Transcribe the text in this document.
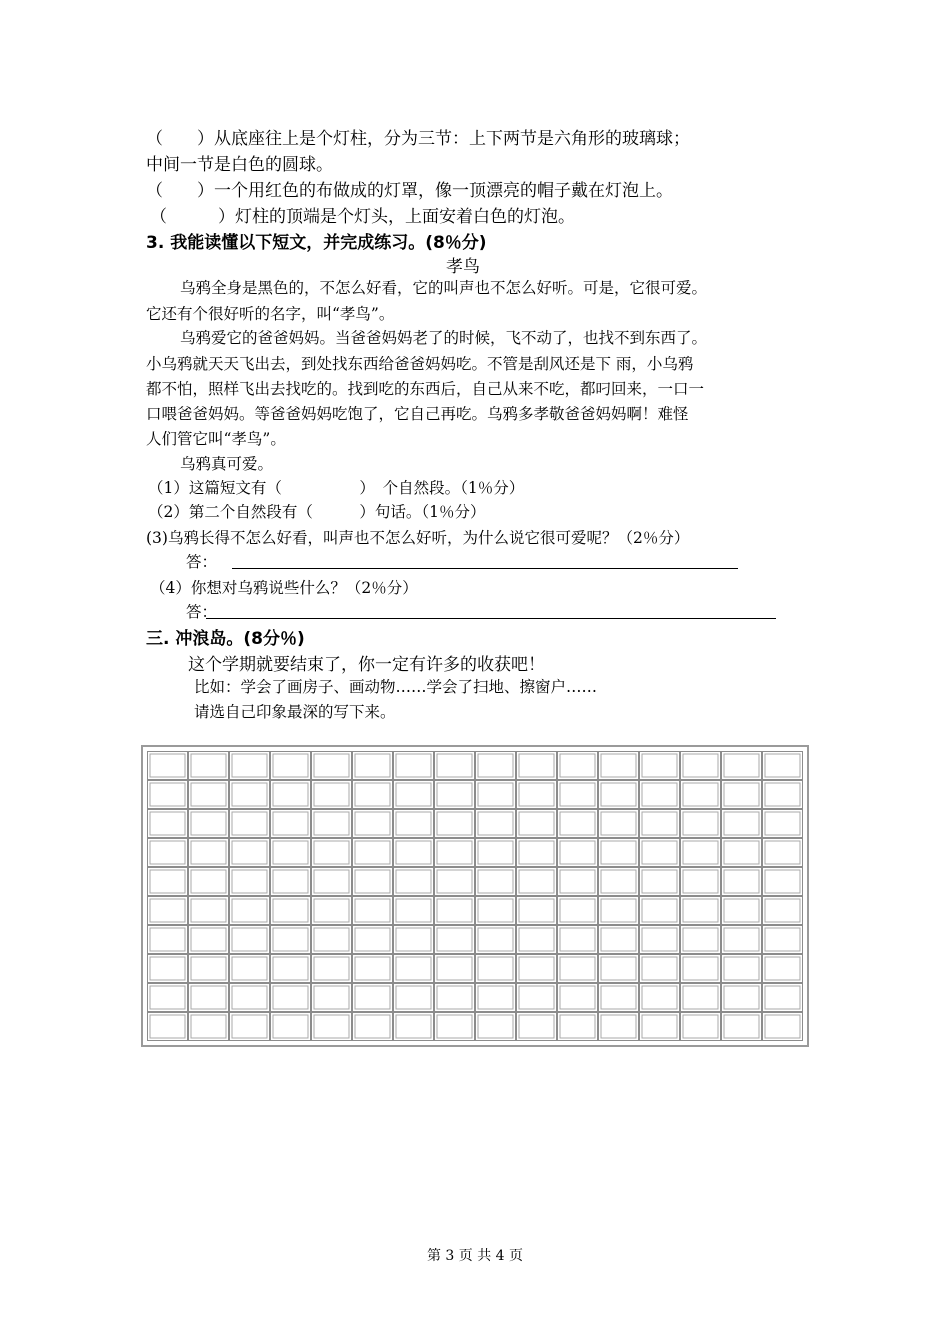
（　　）从底座往上是个灯柱，分为三节：上下两节是六角形的玻璃球；
中间一节是白色的圆球。
（　　）一个用红色的布做成的灯罩，像一顶漂亮的帽子戴在灯泡上。
（　　　）灯柱的顶端是个灯头，上面安着白色的灯泡。
3. 我能读懂以下短文，并完成练习。(8％分)
孝鸟
乌鸦全身是黑色的，不怎么好看，它的叫声也不怎么好听。可是，它很可爱。
它还有个很好听的名字，叫“孝鸟”。
乌鸦爱它的爸爸妈妈。当爸爸妈妈老了的时候，飞不动了，也找不到东西了。
小乌鸦就天天飞出去，到处找东西给爸爸妈妈吃。不管是刮风还是下 雨，小乌鸦
都不怕，照样飞出去找吃的。找到吃的东西后，自己从来不吃，都叼回来，一口一
口喂爸爸妈妈。等爸爸妈妈吃饱了，它自己再吃。乌鸦多孝敬爸爸妈妈啊！难怪
人们管它叫“孝鸟”。
乌鸦真可爱。
（1）这篇短文有（　　　　　）　个自然段。（1％分）
（2）第二个自然段有（　　　）句话。（1％分）
(3)乌鸦长得不怎么好看，叫声也不怎么好听，为什么说它很可爱呢？（2％分）
答：
（4）你想对乌鸦说些什么？（2％分）
答：
三. 冲浪岛。(8分％)
这个学期就要结束了，你一定有许多的收获吧！
比如：学会了画房子、画动物……学会了扫地、擦窗户……
请选自己印象最深的写下来。
第 3 页 共 4 页
